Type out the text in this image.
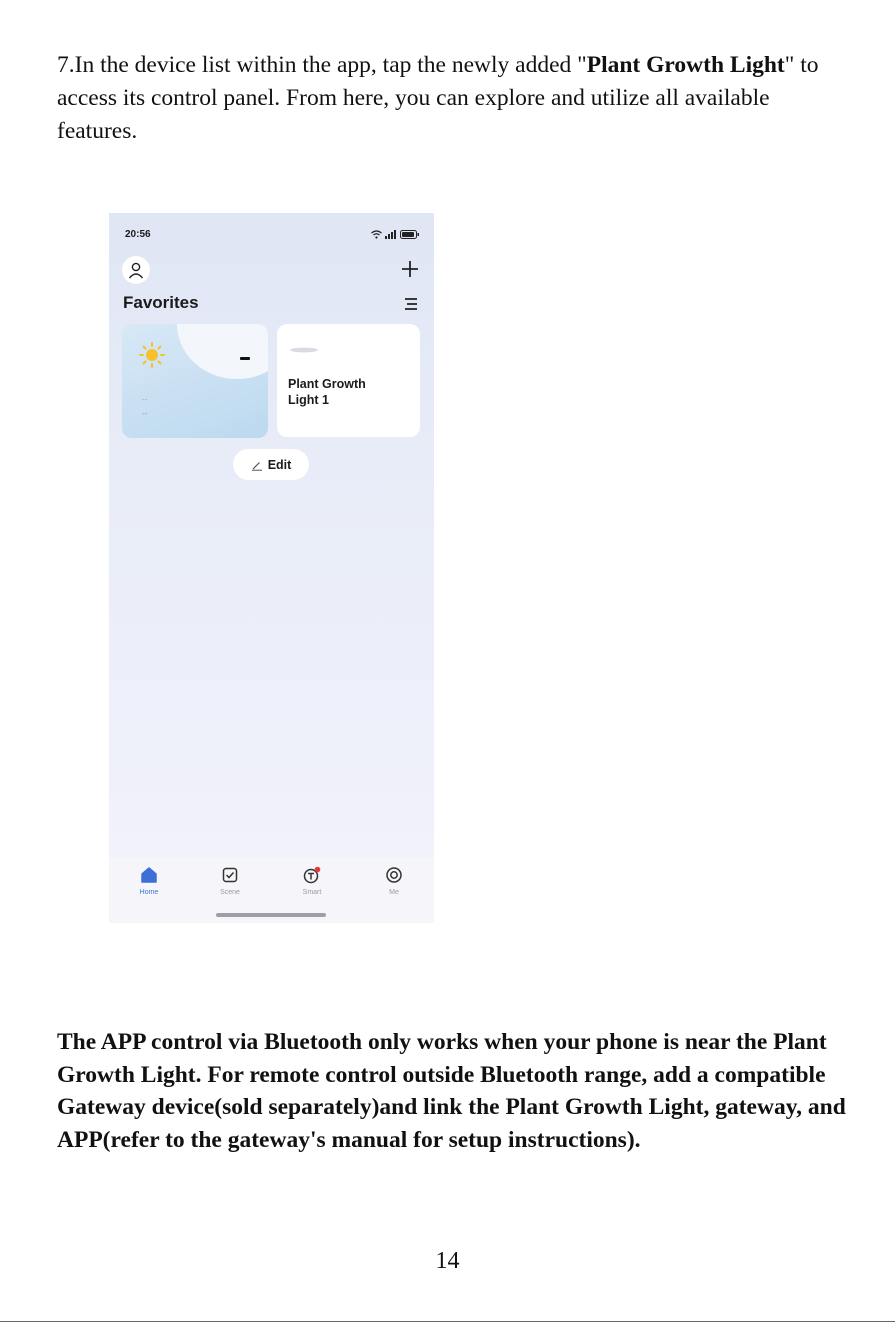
7.In the device list within the app, tap the newly added "Plant Growth Light" to access its control panel. From here, you can explore and utilize all available features.
20:56
Favorites
--
--
Plant Growth Light 1
Edit
Home	Scene	Smart	Me
The APP control via Bluetooth only works when your phone is near the Plant Growth Light. For remote control outside Bluetooth range, add a compatible Gateway device(sold separately)and link the Plant Growth Light, gateway, and APP(refer to the gateway's manual for setup instructions).
14
